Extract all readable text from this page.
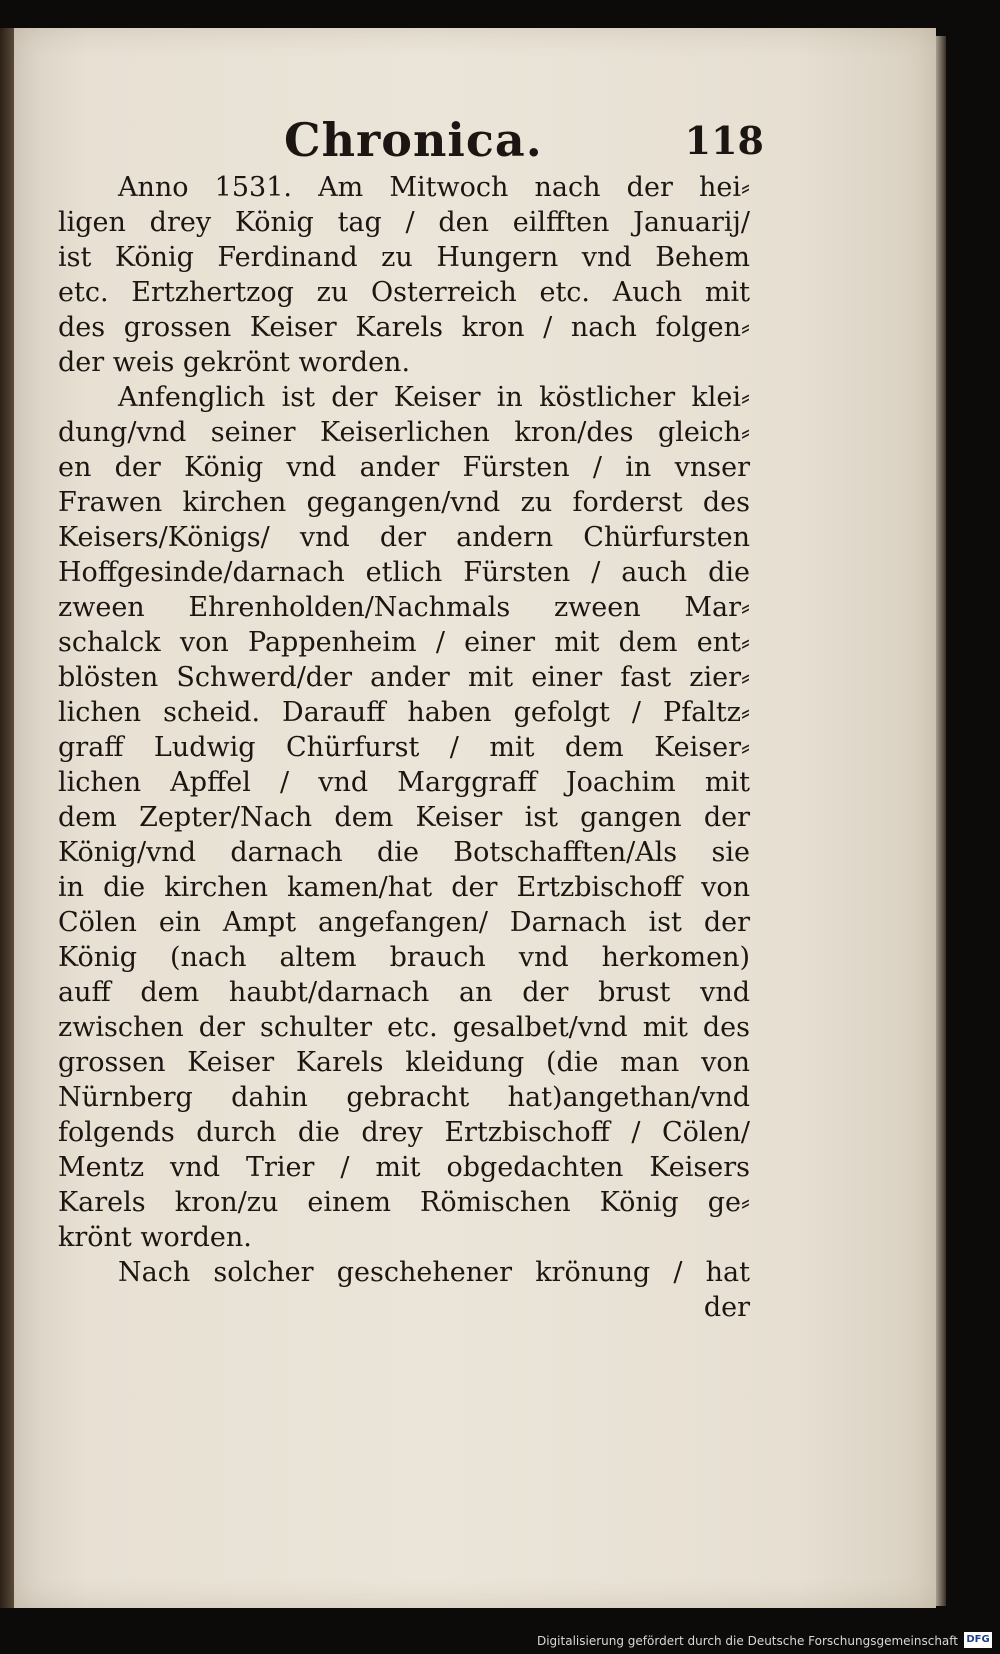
Chronica.	118
Anno 1531. Am Mitwoch nach der hei⸗
ligen drey König tag / den eilfften Januarij/
ist König Ferdinand zu Hungern vnd Behem
etc. Ertzhertzog zu Osterreich etc. Auch mit
des grossen Keiser Karels kron / nach folgen⸗
der weis gekrönt worden.
Anfenglich ist der Keiser in köstlicher klei⸗
dung/vnd seiner Keiserlichen kron/des gleich⸗
en der König vnd ander Fürsten / in vnser
Frawen kirchen gegangen/vnd zu forderst des
Keisers/Königs/ vnd der andern Chürfursten
Hoffgesinde/darnach etlich Fürsten / auch die
zween Ehrenholden/Nachmals zween Mar⸗
schalck von Pappenheim / einer mit dem ent⸗
blösten Schwerd/der ander mit einer fast zier⸗
lichen scheid. Darauff haben gefolgt / Pfaltz⸗
graff Ludwig Chürfurst / mit dem Keiser⸗
lichen Apffel / vnd Marggraff Joachim mit
dem Zepter/Nach dem Keiser ist gangen der
König/vnd darnach die Botschafften/Als sie
in die kirchen kamen/hat der Ertzbischoff von
Cölen ein Ampt angefangen/ Darnach ist der
König (nach altem brauch vnd herkomen)
auff dem haubt/darnach an der brust vnd
zwischen der schulter etc. gesalbet/vnd mit des
grossen Keiser Karels kleidung (die man von
Nürnberg dahin gebracht hat)angethan/vnd
folgends durch die drey Ertzbischoff / Cölen/
Mentz vnd Trier / mit obgedachten Keisers
Karels kron/zu einem Römischen König ge⸗
krönt worden.
Nach solcher geschehener krönung / hat
der
Digitalisierung gefördert durch die Deutsche Forschungsgemeinschaft DFG
